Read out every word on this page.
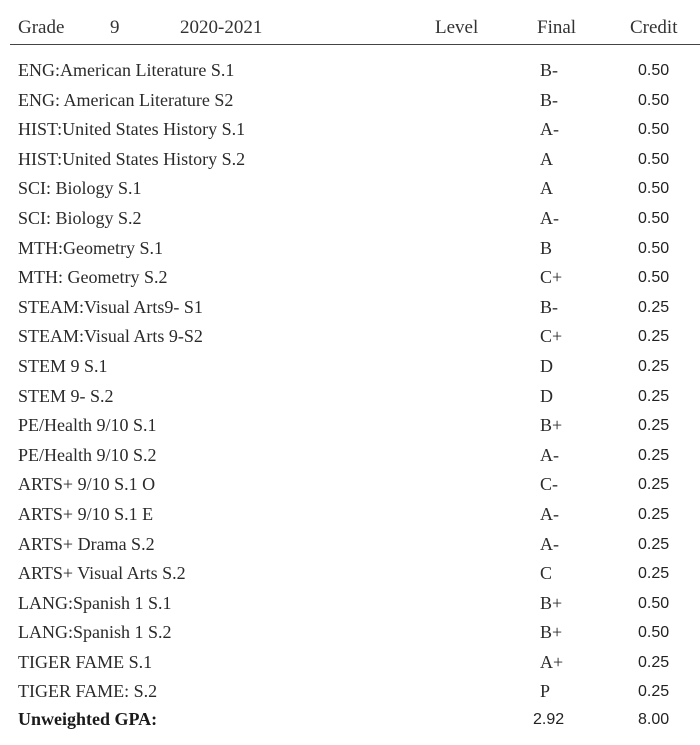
Grade 9	2020-2021	Level	Final	Credit
ENG:American Literature S.1	B-	0.50
ENG: American Literature S2	B-	0.50
HIST:United States History S.1	A-	0.50
HIST:United States History S.2	A	0.50
SCI: Biology S.1	A	0.50
SCI: Biology S.2	A-	0.50
MTH:Geometry S.1	B	0.50
MTH: Geometry S.2	C+	0.50
STEAM:Visual Arts9- S1	B-	0.25
STEAM:Visual Arts 9-S2	C+	0.25
STEM 9 S.1	D	0.25
STEM 9- S.2	D	0.25
PE/Health 9/10 S.1	B+	0.25
PE/Health 9/10 S.2	A-	0.25
ARTS+ 9/10 S.1 O	C-	0.25
ARTS+ 9/10 S.1 E	A-	0.25
ARTS+ Drama S.2	A-	0.25
ARTS+ Visual Arts S.2	C	0.25
LANG:Spanish 1 S.1	B+	0.50
LANG:Spanish 1 S.2	B+	0.50
TIGER FAME S.1	A+	0.25
TIGER FAME: S.2	P	0.25
Unweighted GPA:	2.92	8.00
